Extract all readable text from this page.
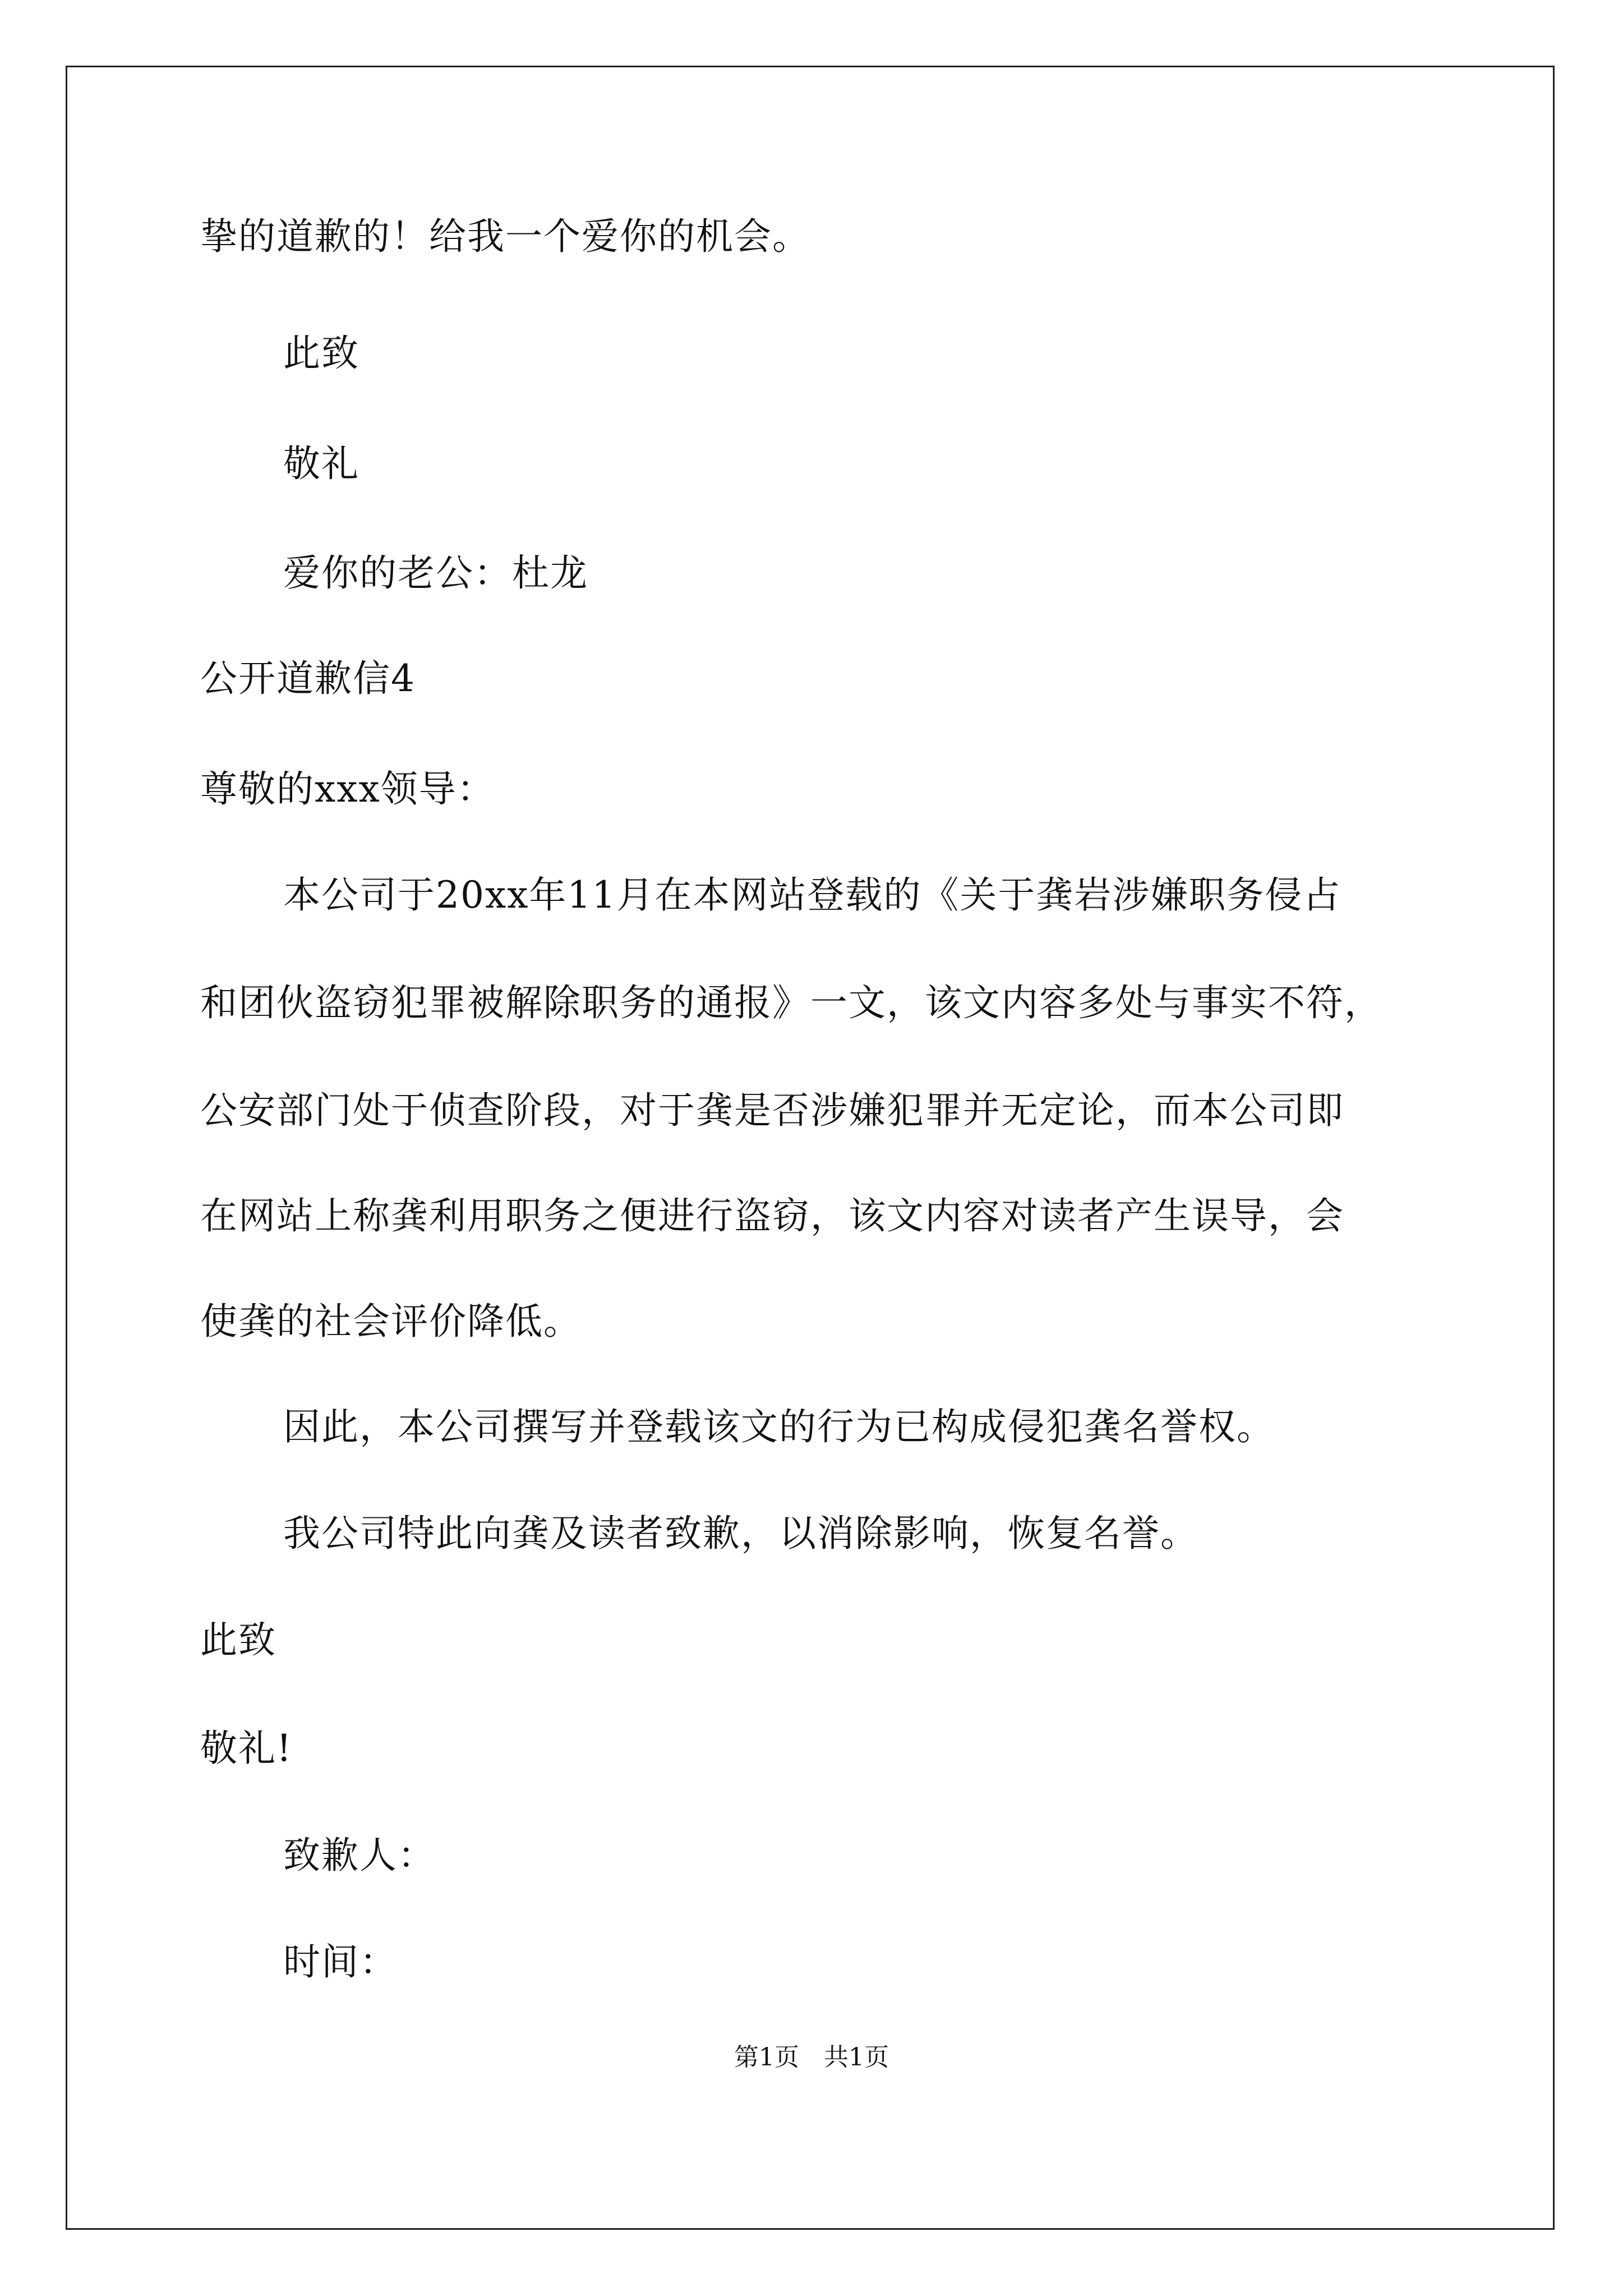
挚的道歉的！给我一个爱你的机会。
此致
敬礼
爱你的老公：杜龙
公开道歉信4
尊敬的xxx领导：
本公司于20xx年11月在本网站登载的《关于龚岩涉嫌职务侵占
和团伙盗窃犯罪被解除职务的通报》一文，该文内容多处与事实不符，
公安部门处于侦查阶段，对于龚是否涉嫌犯罪并无定论，而本公司即
在网站上称龚利用职务之便进行盗窃，该文内容对读者产生误导，会
使龚的社会评价降低。
因此，本公司撰写并登载该文的行为已构成侵犯龚名誉权。
我公司特此向龚及读者致歉，以消除影响，恢复名誉。
此致
敬礼!
致歉人：
时间：
第1页　共1页
